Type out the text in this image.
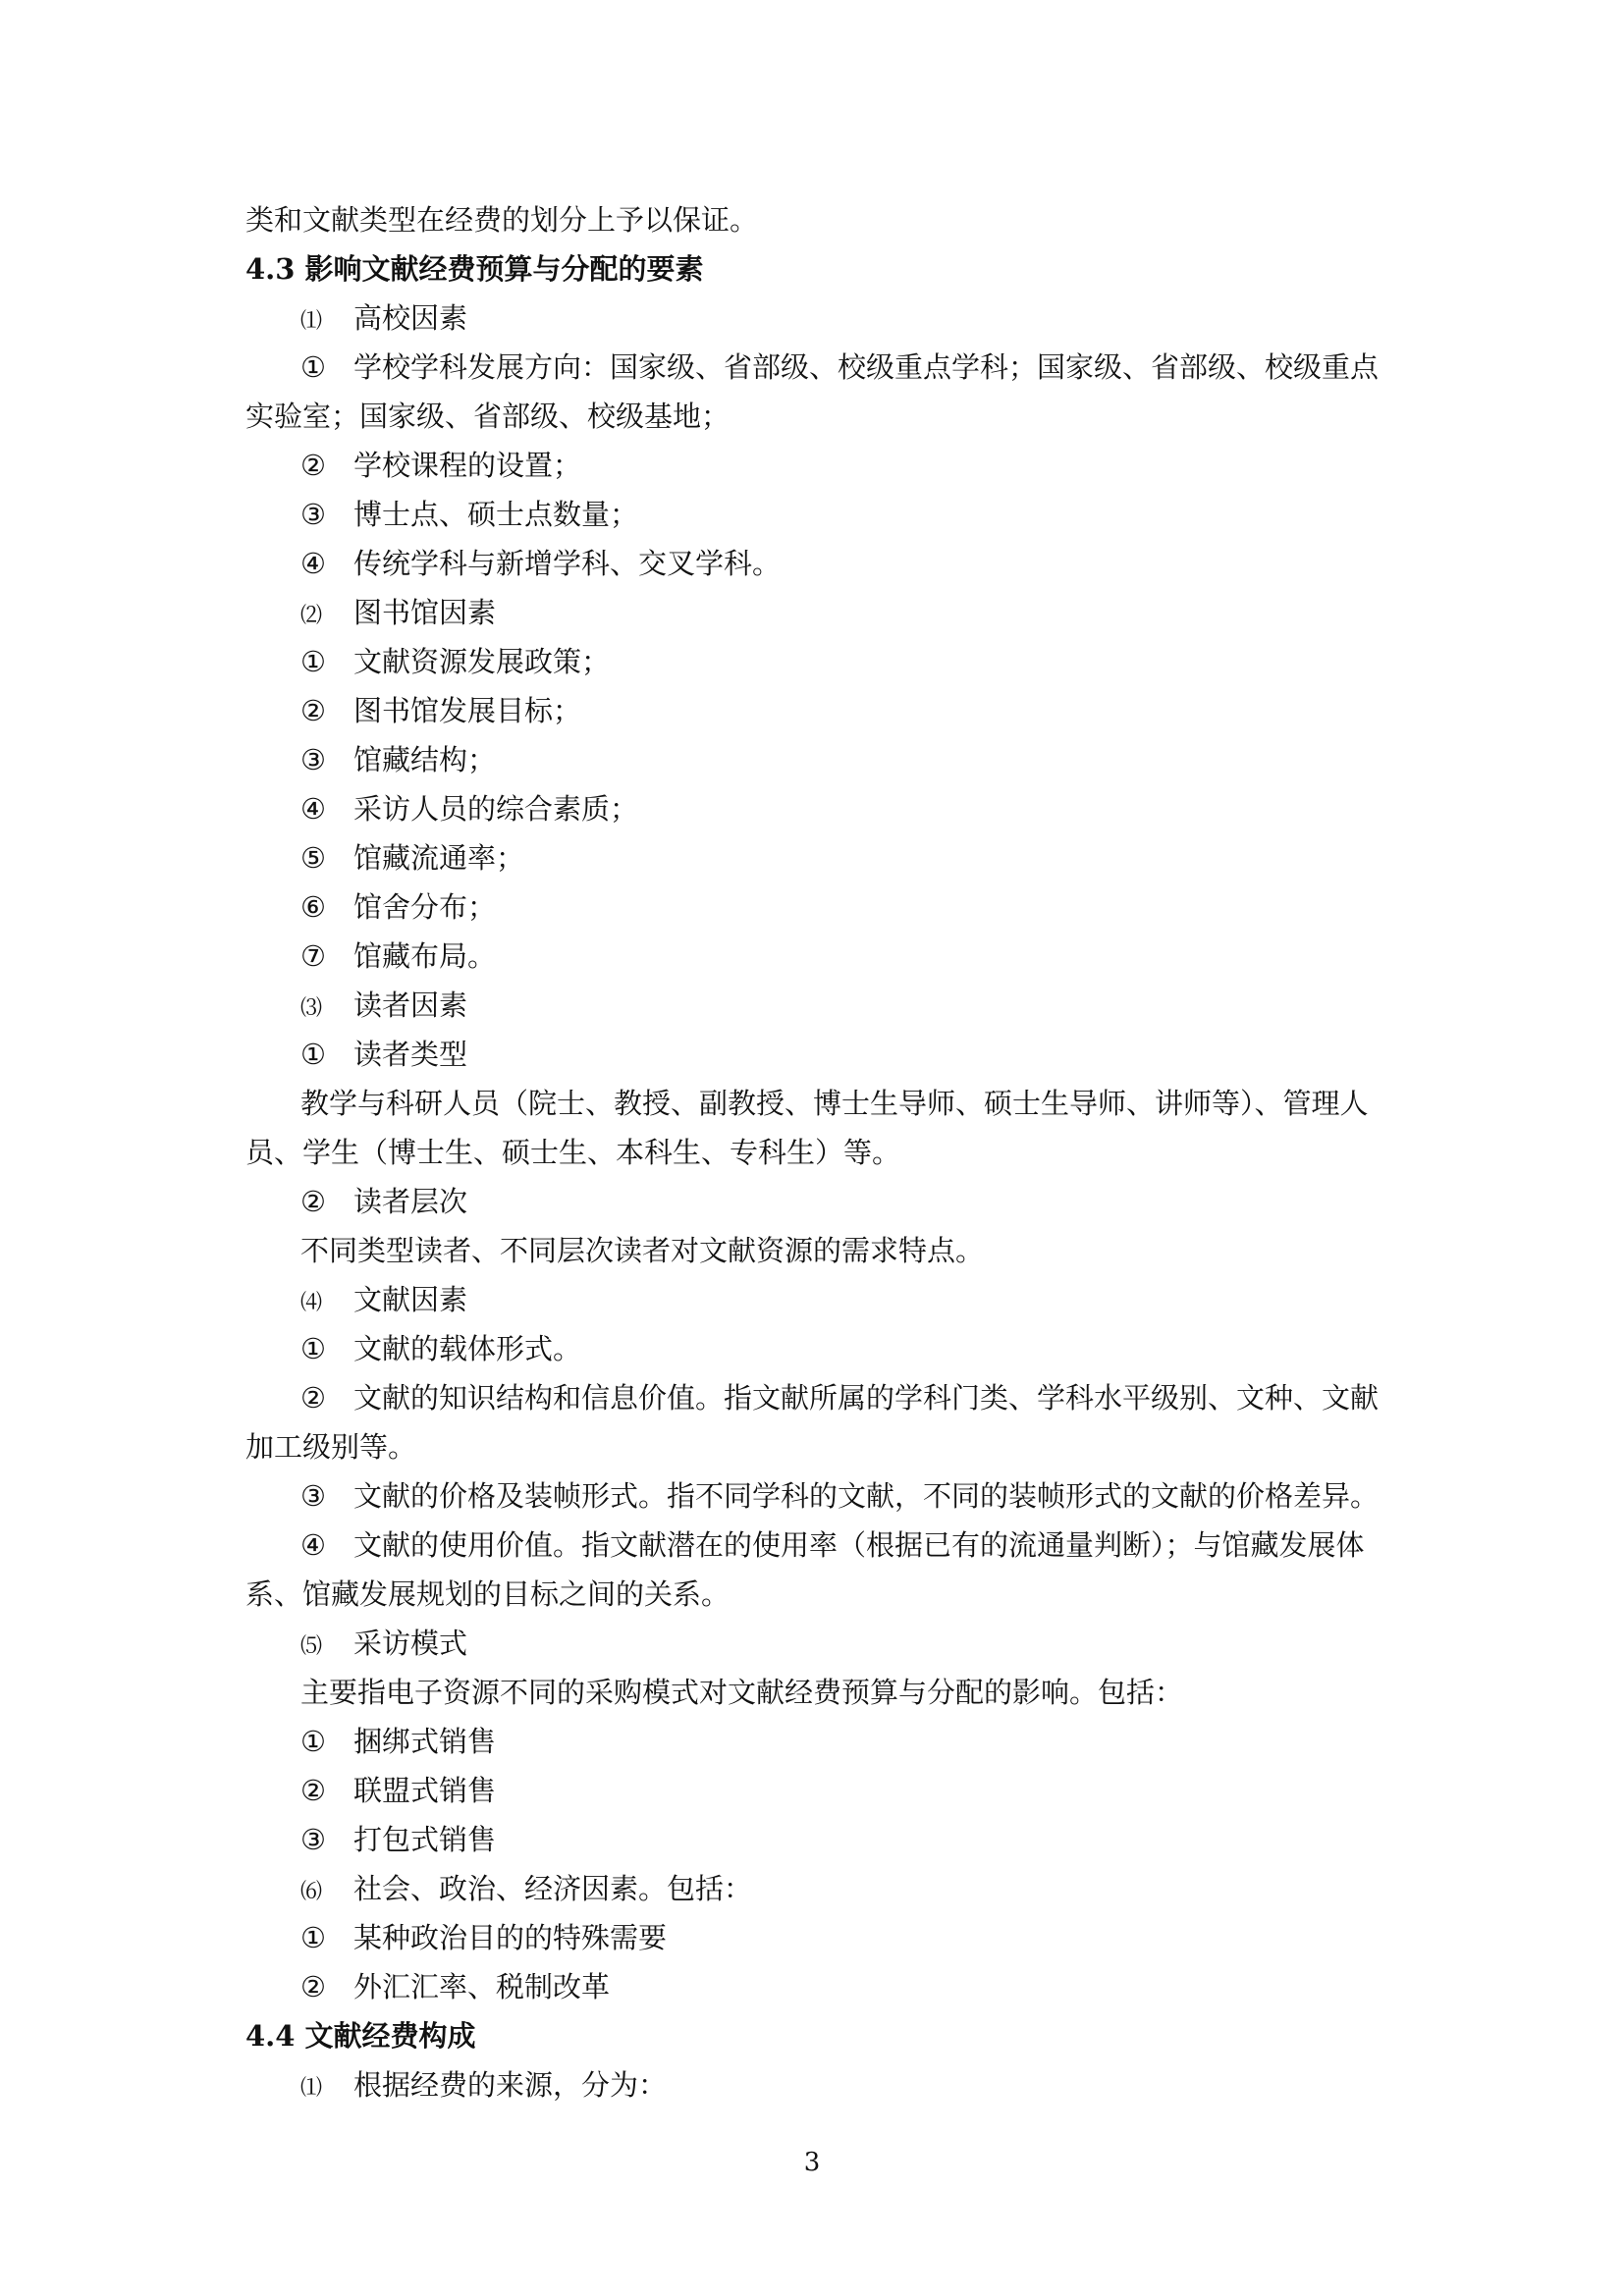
类和文献类型在经费的划分上予以保证。
4.3 影响文献经费预算与分配的要素
⑴ 高校因素
① 学校学科发展方向：国家级、省部级、校级重点学科；国家级、省部级、校级重点
实验室；国家级、省部级、校级基地；
② 学校课程的设置；
③ 博士点、硕士点数量；
④ 传统学科与新增学科、交叉学科。
⑵ 图书馆因素
① 文献资源发展政策；
② 图书馆发展目标；
③ 馆藏结构；
④ 采访人员的综合素质；
⑤ 馆藏流通率；
⑥ 馆舍分布；
⑦ 馆藏布局。
⑶ 读者因素
① 读者类型
教学与科研人员（院士、教授、副教授、博士生导师、硕士生导师、讲师等）、管理人
员、学生（博士生、硕士生、本科生、专科生）等。
② 读者层次
不同类型读者、不同层次读者对文献资源的需求特点。
⑷ 文献因素
① 文献的载体形式。
② 文献的知识结构和信息价值。指文献所属的学科门类、学科水平级别、文种、文献
加工级别等。
③ 文献的价格及装帧形式。指不同学科的文献，不同的装帧形式的文献的价格差异。
④ 文献的使用价值。指文献潜在的使用率（根据已有的流通量判断）；与馆藏发展体
系、馆藏发展规划的目标之间的关系。
⑸ 采访模式
主要指电子资源不同的采购模式对文献经费预算与分配的影响。包括：
① 捆绑式销售
② 联盟式销售
③ 打包式销售
⑹ 社会、政治、经济因素。包括：
① 某种政治目的的特殊需要
② 外汇汇率、税制改革
4.4 文献经费构成
⑴ 根据经费的来源，分为：
3
